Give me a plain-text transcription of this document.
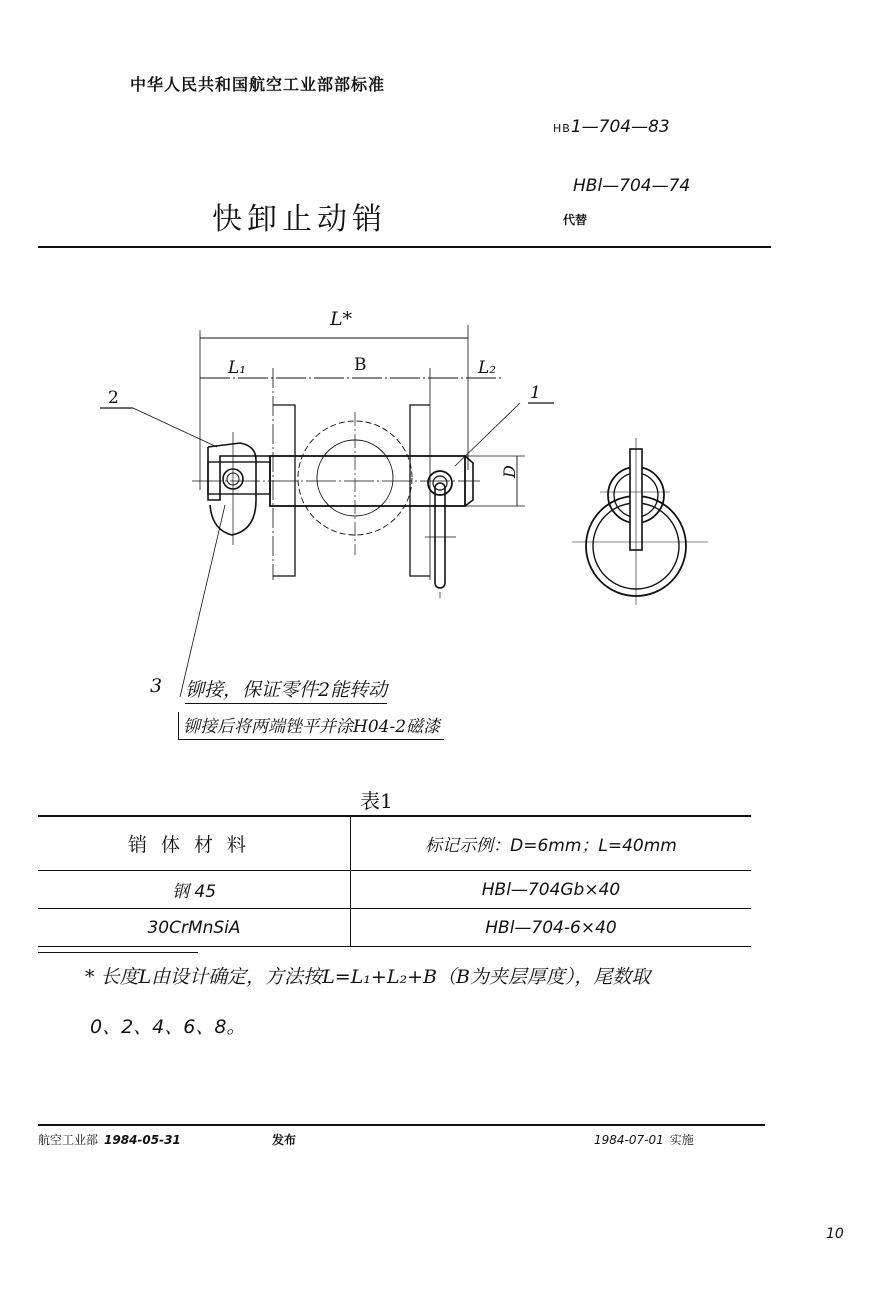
中华人民共和国航空工业部部标准
HB1—704—83
HBl—704—74
代替
快卸止动销
L*
L₁	B	L₂
D
2	1
3 铆接，保证零件2能转动
铆接后将两端锉平并涂H04-2磁漆
表1
销体材料	标记示例：D=6mm；L=40mm
钢 45	HBl—704Gb×40
30CrMnSiA	HBl—704-6×40
* 长度L由设计确定，方法按L=L₁+L₂+B（B为夹层厚度），尾数取
0、2、4、6、8。
航空工业部 1984-05-31	发布	1984-07-01 实施
10
